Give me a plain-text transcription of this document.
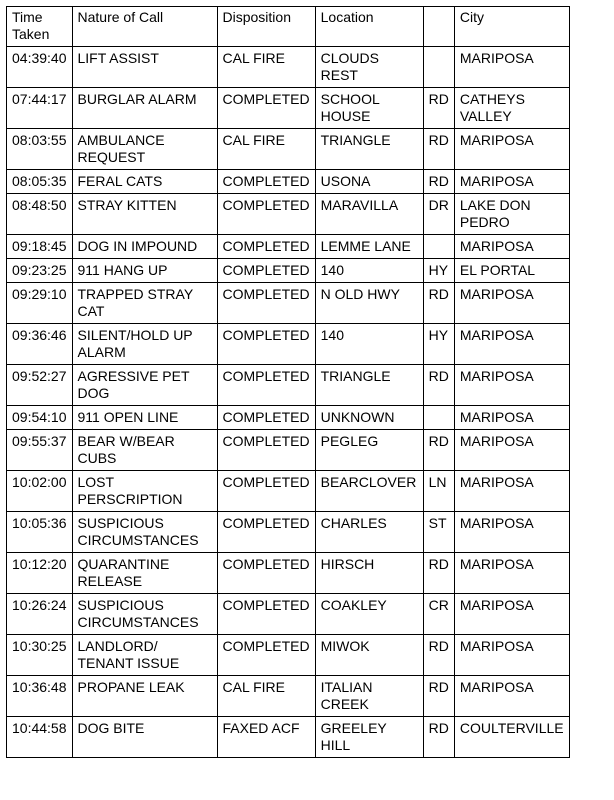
Time Taken	Nature of Call	Disposition	Location		City
04:39:40	LIFT ASSIST	CAL FIRE	CLOUDS REST		MARIPOSA
07:44:17	BURGLAR ALARM	COMPLETED	SCHOOL HOUSE	RD	CATHEYS VALLEY
08:03:55	AMBULANCE REQUEST	CAL FIRE	TRIANGLE	RD	MARIPOSA
08:05:35	FERAL CATS	COMPLETED	USONA	RD	MARIPOSA
08:48:50	STRAY KITTEN	COMPLETED	MARAVILLA	DR	LAKE DON PEDRO
09:18:45	DOG IN IMPOUND	COMPLETED	LEMME LANE		MARIPOSA
09:23:25	911 HANG UP	COMPLETED	140	HY	EL PORTAL
09:29:10	TRAPPED STRAY CAT	COMPLETED	N OLD HWY	RD	MARIPOSA
09:36:46	SILENT/HOLD UP ALARM	COMPLETED	140	HY	MARIPOSA
09:52:27	AGRESSIVE PET DOG	COMPLETED	TRIANGLE	RD	MARIPOSA
09:54:10	911 OPEN LINE	COMPLETED	UNKNOWN		MARIPOSA
09:55:37	BEAR W/BEAR CUBS	COMPLETED	PEGLEG	RD	MARIPOSA
10:02:00	LOST PERSCRIPTION	COMPLETED	BEARCLOVER	LN	MARIPOSA
10:05:36	SUSPICIOUS CIRCUMSTANCES	COMPLETED	CHARLES	ST	MARIPOSA
10:12:20	QUARANTINE RELEASE	COMPLETED	HIRSCH	RD	MARIPOSA
10:26:24	SUSPICIOUS CIRCUMSTANCES	COMPLETED	COAKLEY	CR	MARIPOSA
10:30:25	LANDLORD/ TENANT ISSUE	COMPLETED	MIWOK	RD	MARIPOSA
10:36:48	PROPANE LEAK	CAL FIRE	ITALIAN CREEK	RD	MARIPOSA
10:44:58	DOG BITE	FAXED ACF	GREELEY HILL	RD	COULTERVILLE
